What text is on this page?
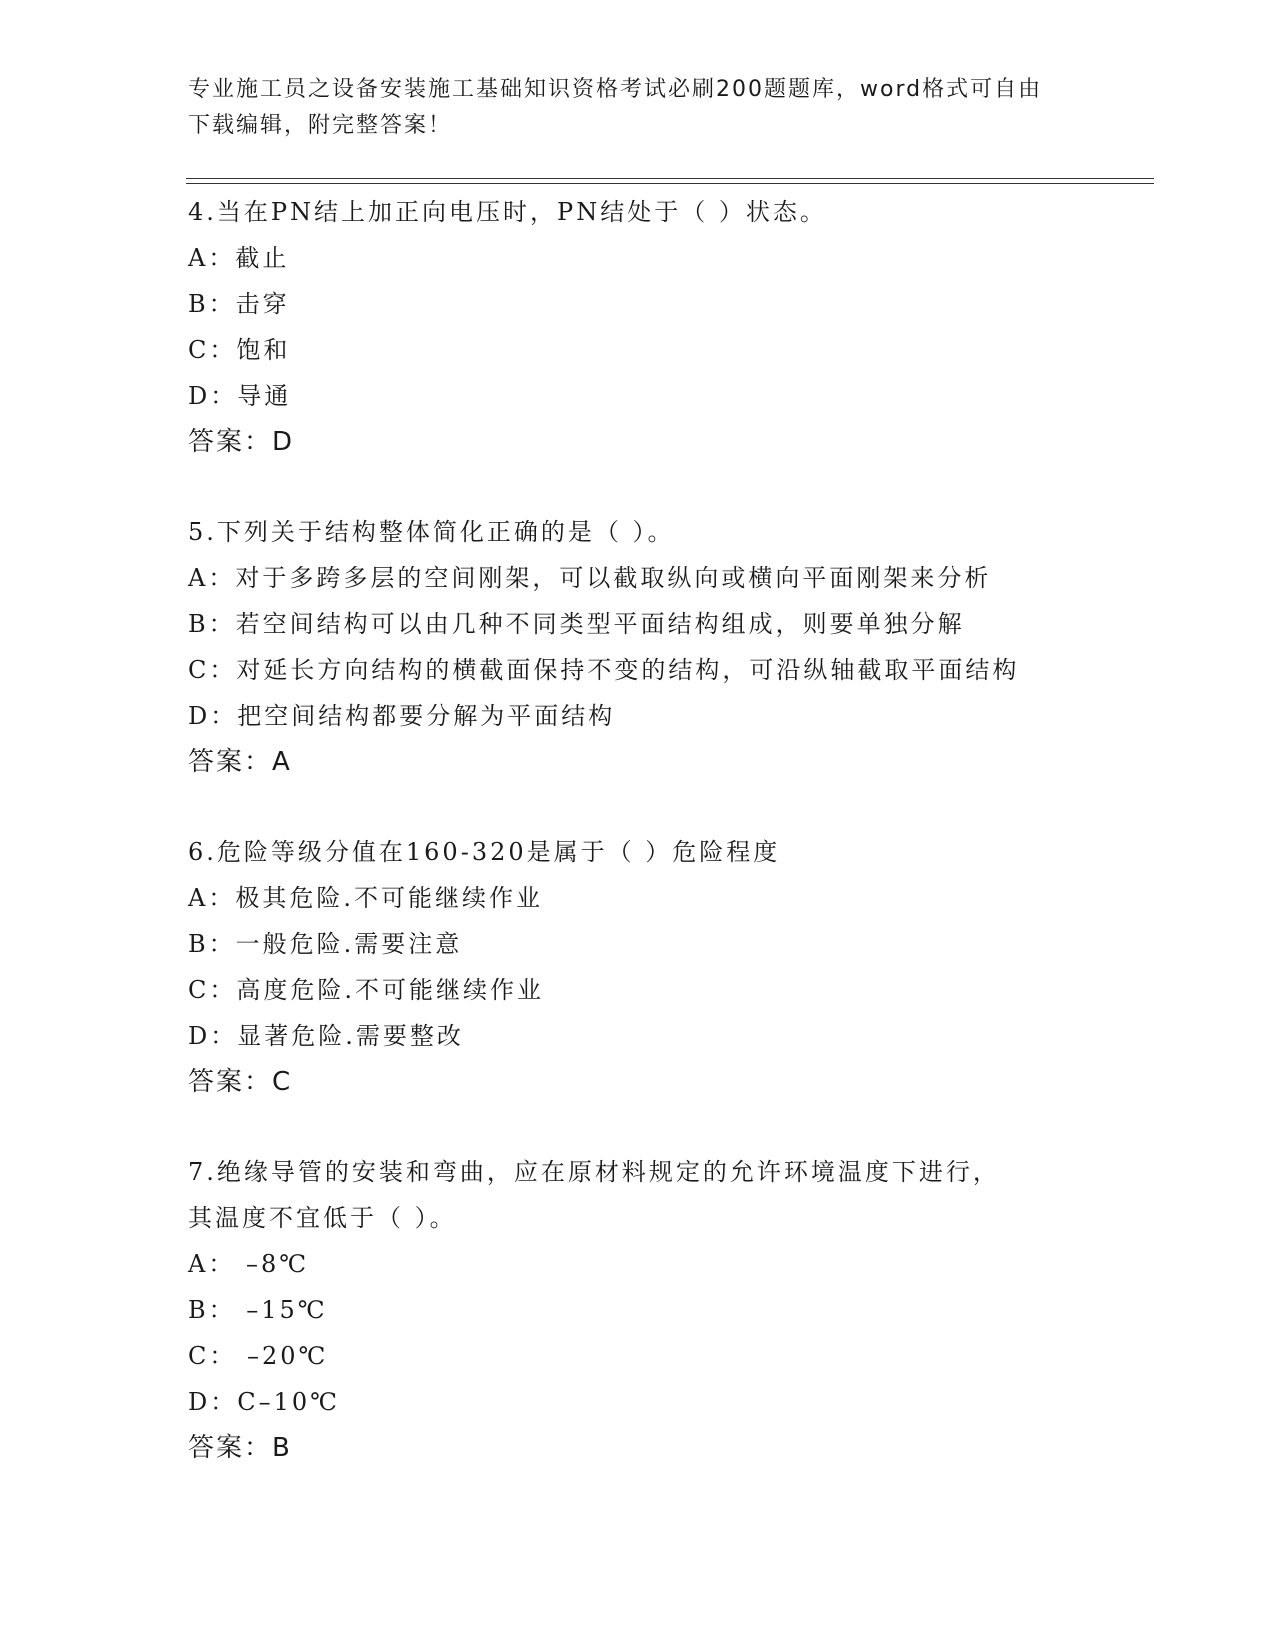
专业施工员之设备安装施工基础知识资格考试必刷200题题库，word格式可自由
下载编辑，附完整答案！
4.当在PN结上加正向电压时，PN结处于（ ）状态。
A：截止
B：击穿
C：饱和
D：导通
答案：D
5.下列关于结构整体简化正确的是（ ）。
A：对于多跨多层的空间刚架，可以截取纵向或横向平面刚架来分析
B：若空间结构可以由几种不同类型平面结构组成，则要单独分解
C：对延长方向结构的横截面保持不变的结构，可沿纵轴截取平面结构
D：把空间结构都要分解为平面结构
答案：A
6.危险等级分值在160-320是属于（ ）危险程度
A：极其危险.不可能继续作业
B：一般危险.需要注意
C：高度危险.不可能继续作业
D：显著危险.需要整改
答案：C
7.绝缘导管的安装和弯曲，应在原材料规定的允许环境温度下进行，
其温度不宜低于（ ）。
A： –8℃
B： –15℃
C： –20℃
D：C–10℃
答案：B
